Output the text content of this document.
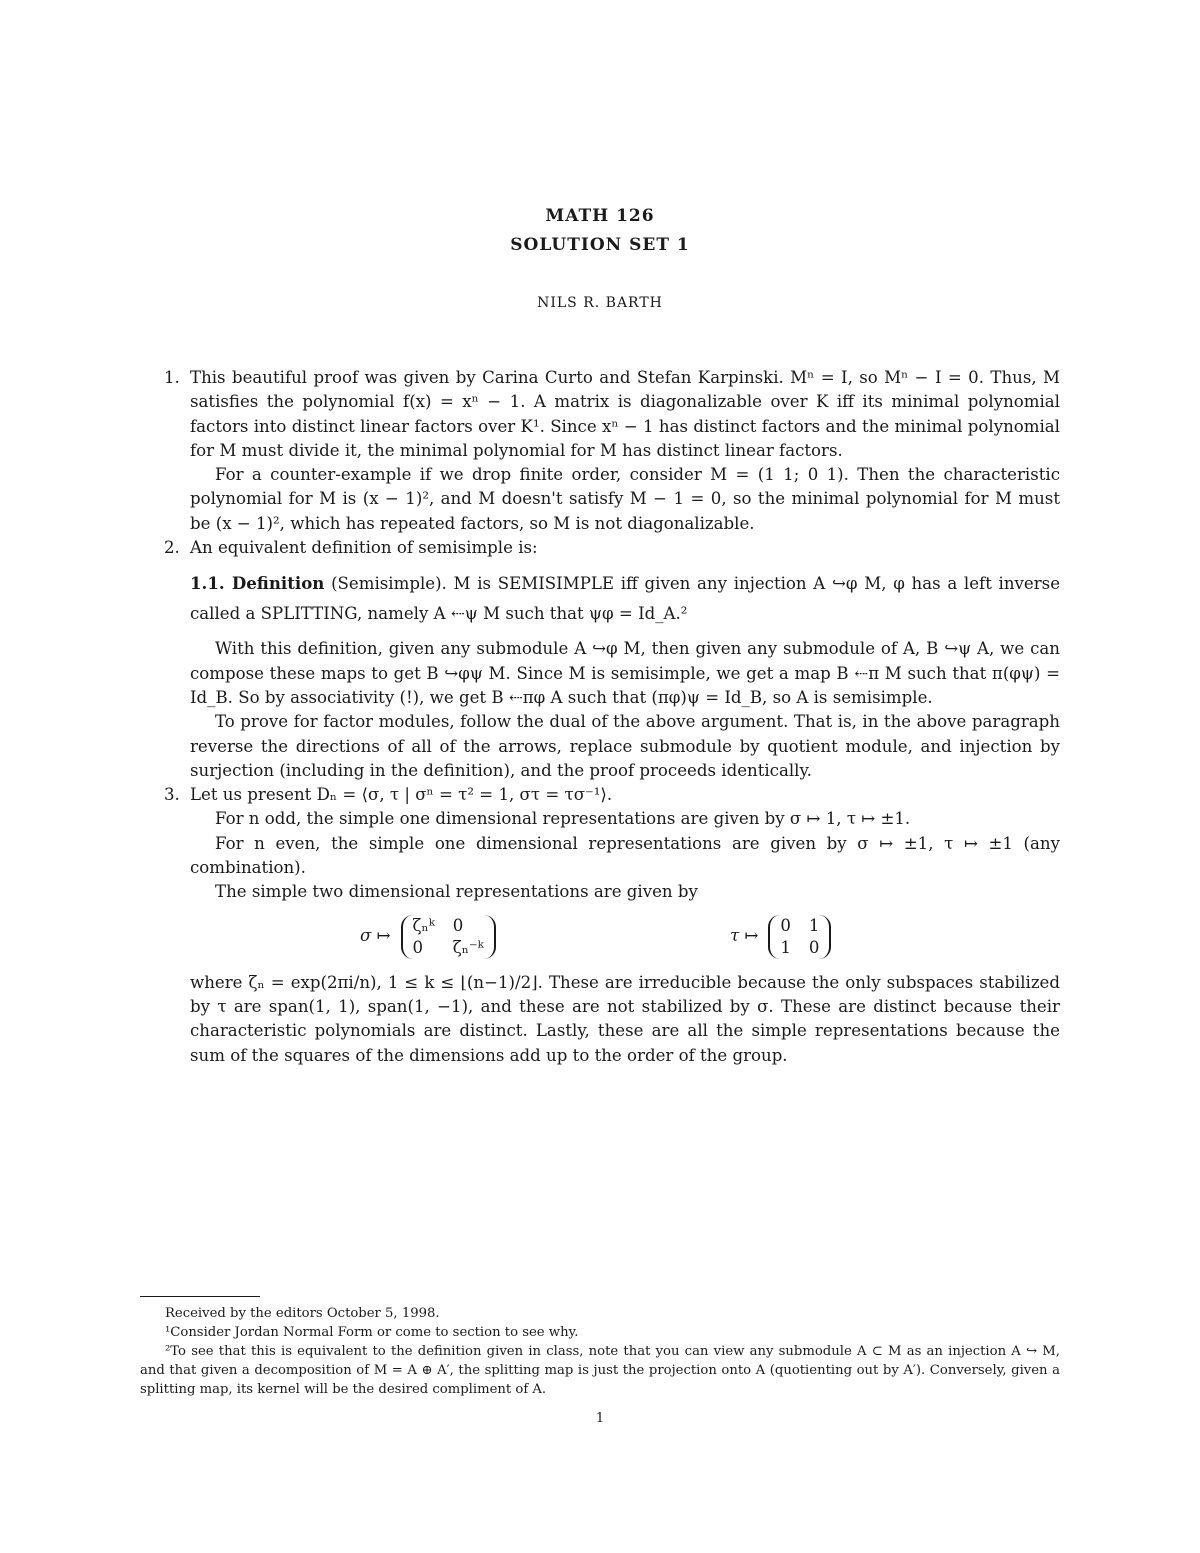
MATH 126
SOLUTION SET 1
NILS R. BARTH
1. This beautiful proof was given by Carina Curto and Stefan Karpinski. Mⁿ = I, so Mⁿ − I = 0. Thus, M satisfies the polynomial f(x) = xⁿ − 1. A matrix is diagonalizable over K iff its minimal polynomial factors into distinct linear factors over K¹. Since xⁿ − 1 has distinct factors and the minimal polynomial for M must divide it, the minimal polynomial for M has distinct linear factors.

For a counter-example if we drop finite order, consider M = (1 1; 0 1). Then the characteristic polynomial for M is (x − 1)², and M doesn't satisfy M − 1 = 0, so the minimal polynomial for M must be (x − 1)², which has repeated factors, so M is not diagonalizable.

2. An equivalent definition of semisimple is:

1.1. Definition (Semisimple). M is SEMISIMPLE iff given any injection A ↪φ M, φ has a left inverse called a SPLITTING, namely A ⇠ψ M such that ψφ = Id_A.²

With this definition, given any submodule A ↪φ M, then given any submodule of A, B ↪ψ A, we can compose these maps to get B ↪φψ M. Since M is semisimple, we get a map B ⇠π M such that π(φψ) = Id_B. So by associativity (!), we get B ⇠πφ A such that (πφ)ψ = Id_B, so A is semisimple.

To prove for factor modules, follow the dual of the above argument. That is, in the above paragraph reverse the directions of all of the arrows, replace submodule by quotient module, and injection by surjection (including in the definition), and the proof proceeds identically.

3. Let us present Dₙ = ⟨σ, τ | σⁿ = τ² = 1, στ = τσ⁻¹⟩.

For n odd, the simple one dimensional representations are given by σ ↦ 1, τ ↦ ±1.

For n even, the simple one dimensional representations are given by σ ↦ ±1, τ ↦ ±1 (any combination).

The simple two dimensional representations are given by

σ ↦
ζₙᵏ 0
0	ζₙ⁻ᵏ
τ ↦
0 1
1 0

where ζₙ = exp(2πi/n), 1 ≤ k ≤ ⌊(n−1)/2⌋. These are irreducible because the only subspaces stabilized by τ are span(1, 1), span(1, −1), and these are not stabilized by σ. These are distinct because their characteristic polynomials are distinct. Lastly, these are all the simple representations because the sum of the squares of the dimensions add up to the order of the group.

Received by the editors October 5, 1998.

¹Consider Jordan Normal Form or come to section to see why.

²To see that this is equivalent to the definition given in class, note that you can view any submodule A ⊂ M as an injection A ↪ M, and that given a decomposition of M = A ⊕ A′, the splitting map is just the projection onto A (quotienting out by A′). Conversely, given a splitting map, its kernel will be the desired compliment of A.

1
